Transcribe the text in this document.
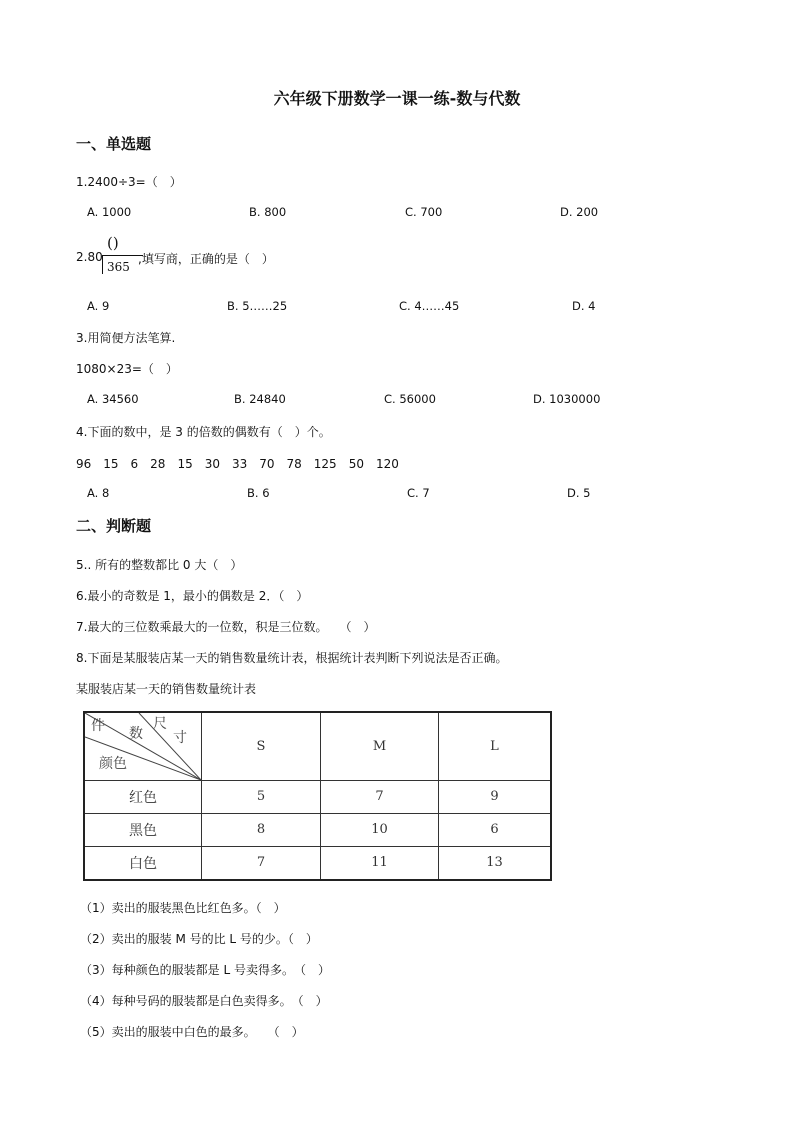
六年级下册数学一课一练-数与代数
一、单选题
1.2400÷3=（　）
A. 1000	B. 800	C. 700	D. 200
2.80
()
365
,填写商，正确的是（　）
A. 9	B. 5……25	C. 4……45	D. 4
3.用简便方法笔算.
1080×23=（　）
A. 34560	B. 24840	C. 56000	D. 1030000
4.下面的数中，是 3 的倍数的偶数有（　）个。
96　15　6　28　15　30　33　70　78　125　50　120
A. 8	B. 6	C. 7	D. 5
二、判断题
5.. 所有的整数都比 0 大（　）
6.最小的奇数是 1，最小的偶数是 2．（　）
7.最大的三位数乘最大的一位数，积是三位数。　　（　）
8.下面是某服装店某一天的销售数量统计表，根据统计表判断下列说法是否正确。
某服装店某一天的销售数量统计表
件 数
尺
寸
颜色	S	M	L
红色	5	7	9
黑色	8	10	6
白色	7	11	13
（1）卖出的服装黑色比红色多。（　）
（2）卖出的服装 M 号的比 L 号的少。（　）
（3）每种颜色的服装都是 L 号卖得多。　（　）
（4）每种号码的服装都是白色卖得多。　（　）
（5）卖出的服装中白色的最多。　　（　）
